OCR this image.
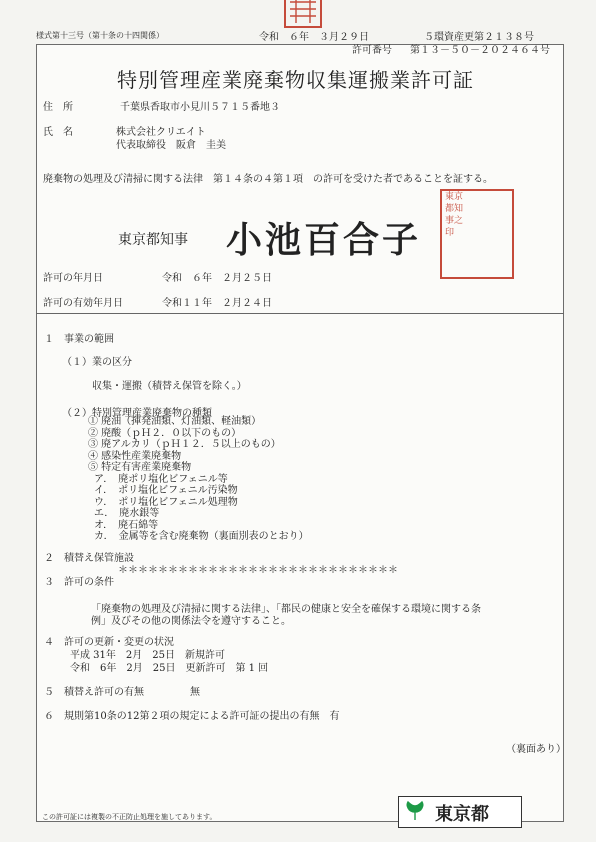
様式第十三号（第十条の十四関係）	令和　６年　３月２９日	５環資産更第２１３８号
許可番号 第１３－５０－２０２４６４号
特別管理産業廃棄物収集運搬業許可証
住　所	千葉県香取市小見川５７１５番地３
氏　名	株式会社クリエイト
代表取締役　阪倉　圭美
廃棄物の処理及び清掃に関する法律　第１４条の４第１項　の許可を受けた者であることを証する。
東京都知事 小池百合子
東京
都知
事之
印
許可の年月日	令和　６年　２月２５日
許可の有効年月日	令和１１年　２月２４日
１　事業の範囲
（１）業の区分
収集・運搬（積替え保管を除く。）
（２）特別管理産業廃棄物の種類
① 廃油（揮発油類、灯油類、軽油類）
② 廃酸（ｐＨ２．０以下のもの）
③ 廃アルカリ（ｐＨ１２．５以上のもの）
④ 感染性産業廃棄物
⑤ 特定有害産業廃棄物
ア．　廃ポリ塩化ビフェニル等
イ．　ポリ塩化ビフェニル汚染物
ウ．　ポリ塩化ビフェニル処理物
エ．　廃水銀等
オ．　廃石綿等
カ．　金属等を含む廃棄物（裏面別表のとおり）
２　積替え保管施設
＊＊＊＊＊＊＊＊＊＊＊＊＊＊＊＊＊＊＊＊＊＊＊＊＊＊＊＊
３　許可の条件
「廃棄物の処理及び清掃に関する法律」、「都民の健康と安全を確保する環境に関する条
例」及びその他の関係法令を遵守すること。
４　許可の更新・変更の状況
平成 31年　2月　25日　新規許可
令和　6年　2月　25日　更新許可　第 1 回
５　積替え許可の有無	無
６　規則第10条の12第２項の規定による許可証の提出の有無　有
（裏面あり）
この許可証には複製の不正防止処理を施してあります。	東京都
